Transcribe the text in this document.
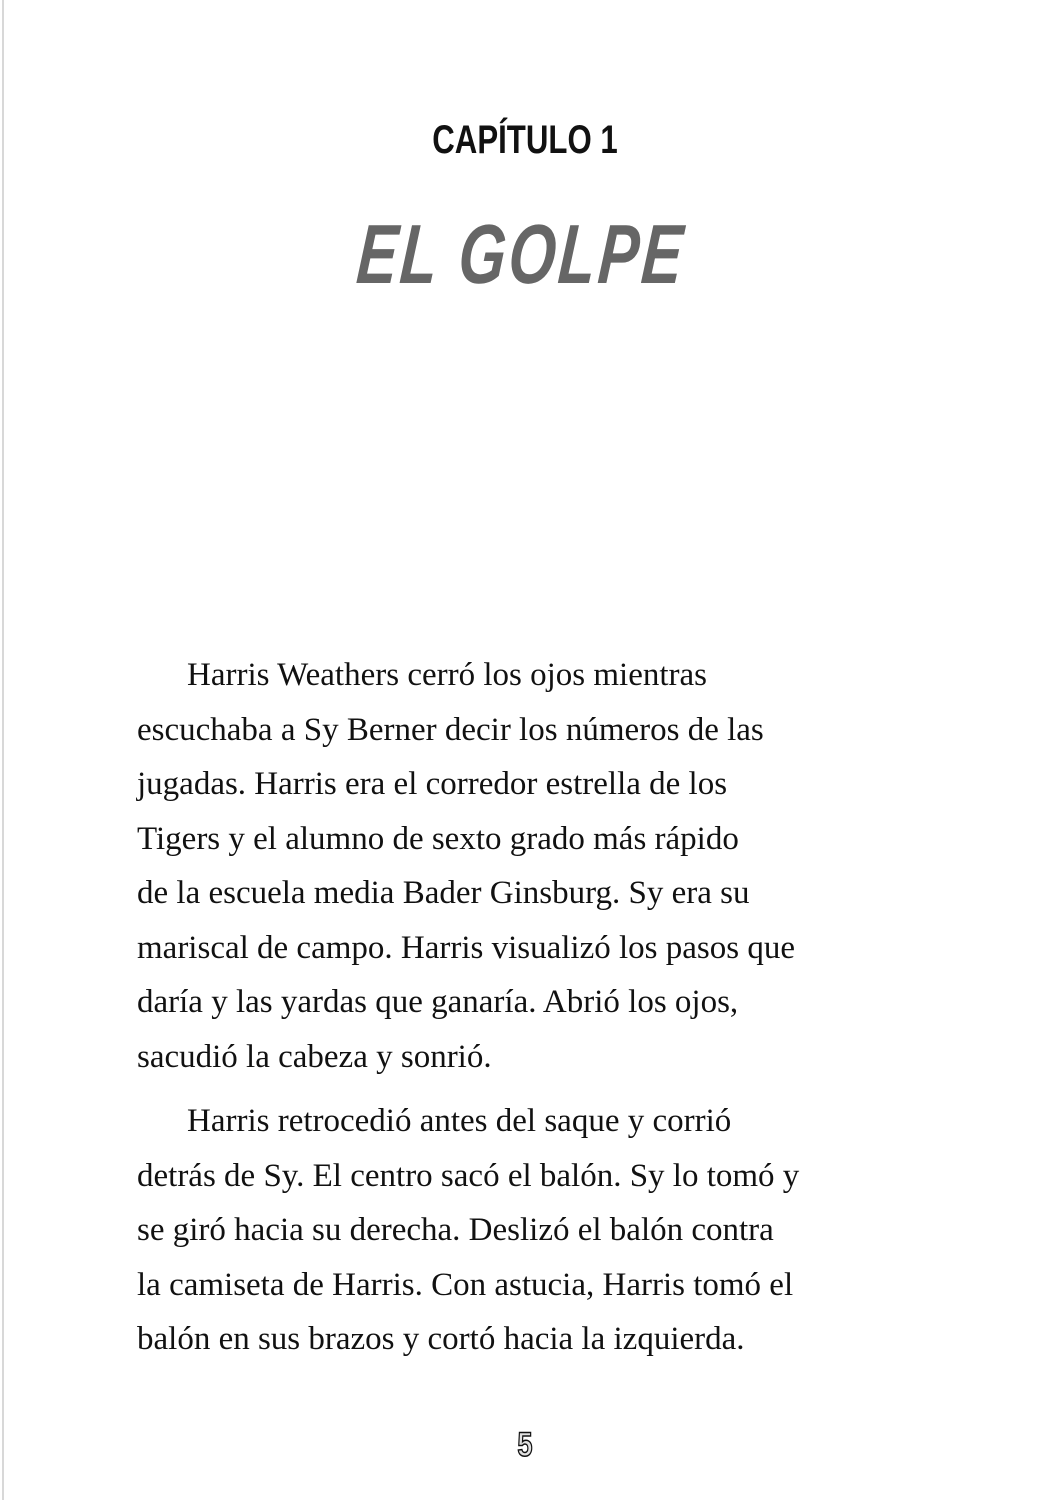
CAPÍTULO 1
EL GOLPE

Harris Weathers cerró los ojos mientras
escuchaba a Sy Berner decir los números de las
jugadas. Harris era el corredor estrella de los
Tigers y el alumno de sexto grado más rápido
de la escuela media Bader Ginsburg. Sy era su
mariscal de campo. Harris visualizó los pasos que
daría y las yardas que ganaría. Abrió los ojos,
sacudió la cabeza y sonrió.

Harris retrocedió antes del saque y corrió
detrás de Sy. El centro sacó el balón. Sy lo tomó y
se giró hacia su derecha. Deslizó el balón contra
la camiseta de Harris. Con astucia, Harris tomó el
balón en sus brazos y cortó hacia la izquierda.

5
